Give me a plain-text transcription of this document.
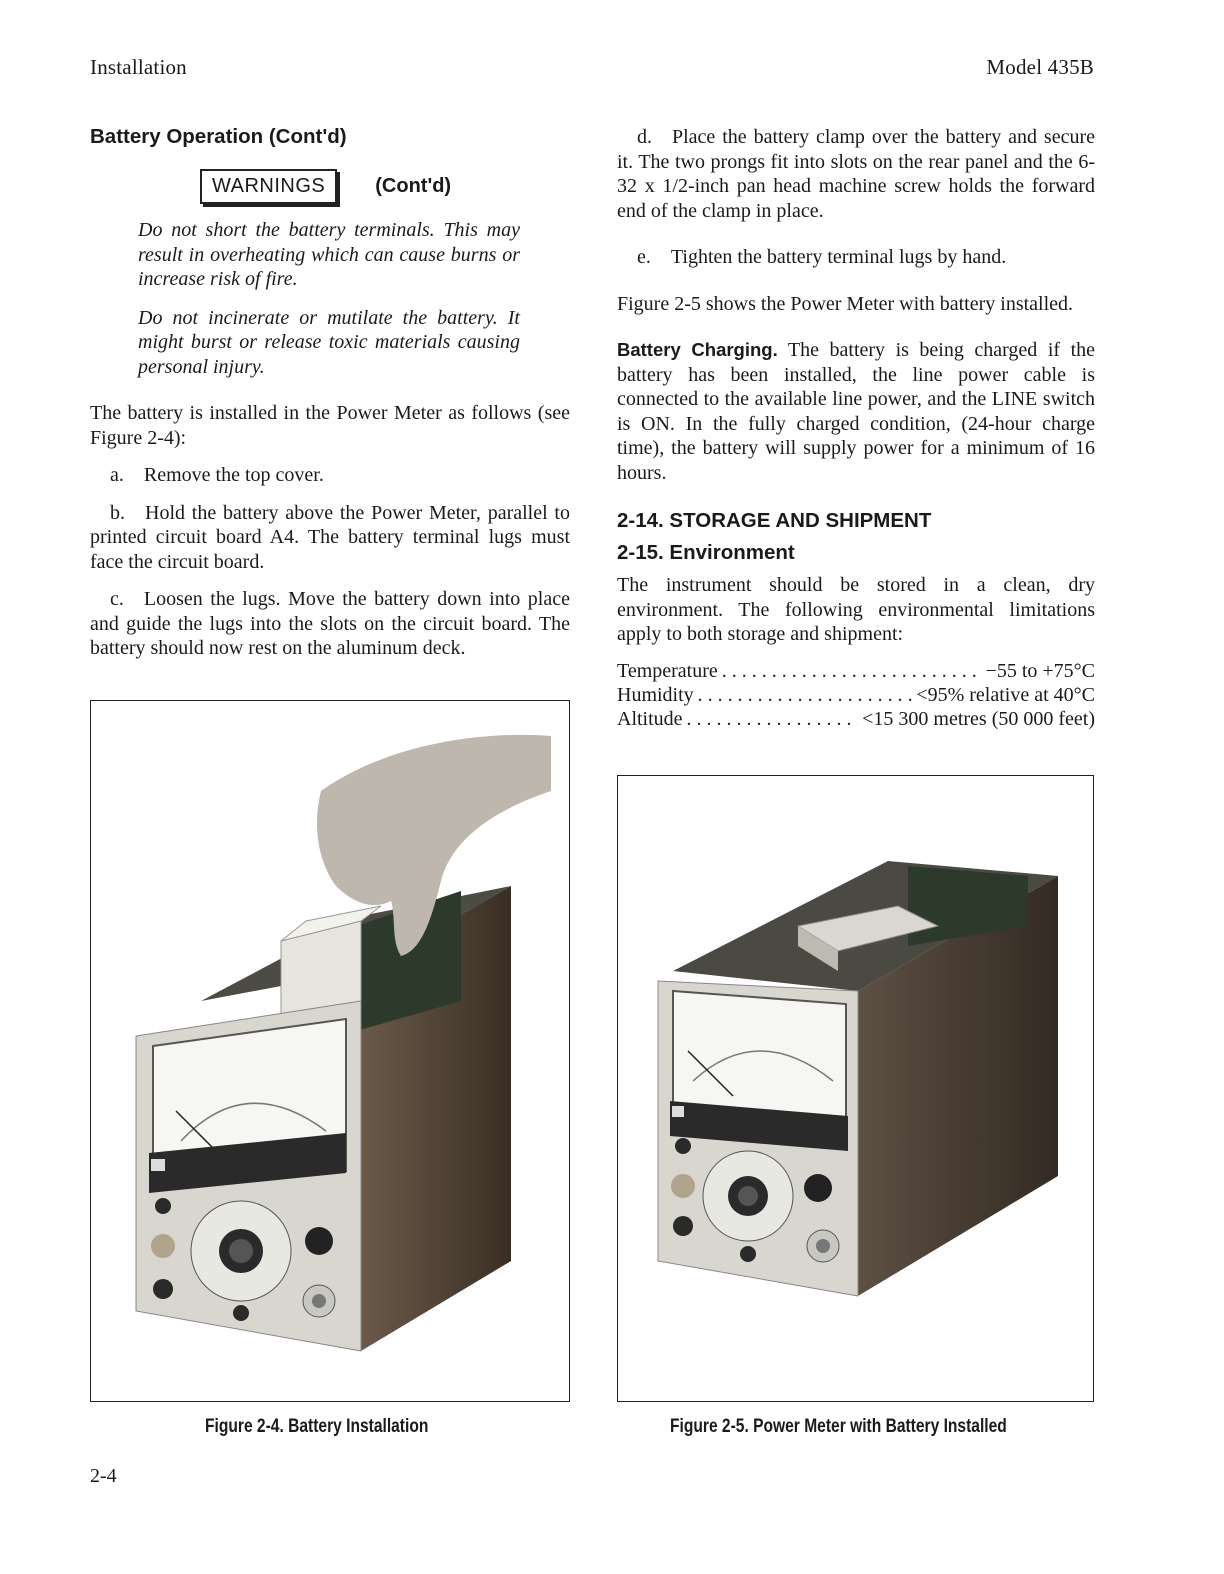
Installation	Model 435B
Battery Operation (Cont'd)
WARNINGS	(Cont'd)

Do not short the battery terminals. This may result in overheating which can cause burns or increase risk of fire.

Do not incinerate or mutilate the battery. It might burst or release toxic materials causing personal injury.

The battery is installed in the Power Meter as follows (see Figure 2-4):

a. Remove the top cover.

b. Hold the battery above the Power Meter, parallel to printed circuit board A4. The battery terminal lugs must face the circuit board.

c. Loosen the lugs. Move the battery down into place and guide the lugs into the slots on the circuit board. The battery should now rest on the aluminum deck.

d. Place the battery clamp over the battery and secure it. The two prongs fit into slots on the rear panel and the 6-32 x 1/2-inch pan head machine screw holds the forward end of the clamp in place.

e. Tighten the battery terminal lugs by hand.

Figure 2-5 shows the Power Meter with battery installed.

Battery Charging. The battery is being charged if the battery has been installed, the line power cable is connected to the available line power, and the LINE switch is ON. In the fully charged condition, (24-hour charge time), the battery will supply power for a minimum of 16 hours.

2-14. STORAGE AND SHIPMENT
2-15. Environment

The instrument should be stored in a clean, dry environment. The following environmental limitations apply to both storage and shipment:

Temperature . . .	−55 to +75°C
Humidity . . .	<95% relative at 40°C
Altitude . . .	<15 300 metres (50 000 feet)
Figure 2-4. Battery Installation	Figure 2-5. Power Meter with Battery Installed
2-4
